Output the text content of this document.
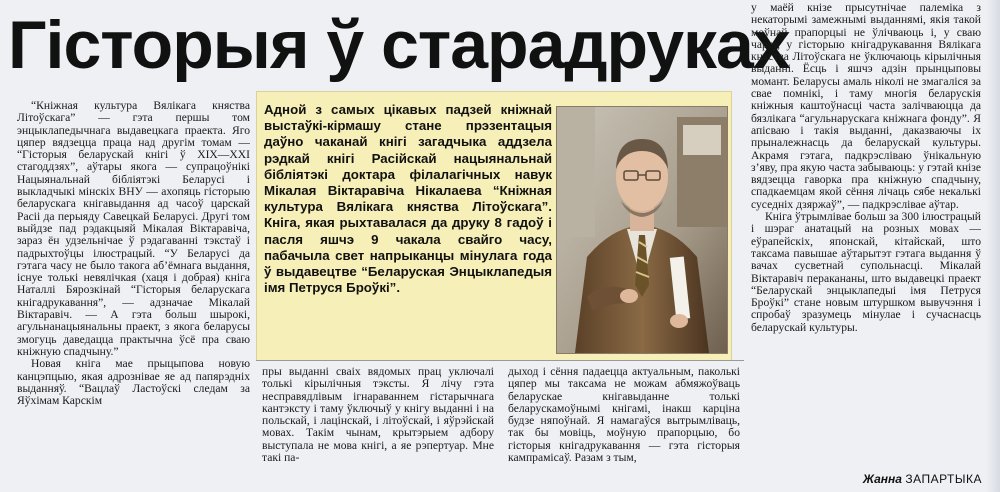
Гісторыя ў старадруках

“Кніжная культура Вялікага княства Літоўскага” — гэта першы том энцыклапедычнага выдавецкага праекта. Яго цяпер вядзецца праца над другім томам — “Гісторыя беларускай кнігі ў XIX—XXI стагоддзях”, аўтары якога — супрацоўнікі Нацыянальнай бібліятэкі Беларусі і выкладчыкі мінскіх ВНУ — ахопяць гісторыю беларускага кнігавыдання ад часоў царскай Расіі да перыяду Савецкай Беларусі. Другі том выйдзе пад рэдакцыяй Мікалая Віктаравіча, зараз ён удзельнічае ў рэдагаванні тэкстаў і падрыхтоўцы ілюстрацый. “У Беларусі да гэтага часу не было такога аб’ёмнага выдання, існуе толькі невялічкая (хаця і добрая) кніга Наталлі Бярозкінай “Гісторыя беларускага кнігадрукавання”, — адзначае Мікалай Віктаравіч. — А гэта больш шырокі, агульнанацыянальны праект, з якога беларусы змогуць даведацца практычна ўсё пра сваю кніжную спадчыну.”

Новая кніга мае прыцыпова новую канцэпцыю, якая адрозніваe яе ад папярэдніх выданняў. “Вацлаў Ластоўскі следам за Яўхімам Карскім

Адной з самых цікавых падзей кніжнай выстаўкі-кірмашу стане прэзентацыя даўно чаканай кнігі загадчыка аддзела рэдкай кнігі Расійскай нацыянальнай бібліятэкі доктара філалагічных навук Мікалая Віктаравіча Нікалаева “Кніжная культура Вялікага княства Літоўскага”. Кніга, якая рыхтавалася да друку 8 гадоў і пасля яшчэ 9 чакала свайго часу, пабачыла свет напрыканцы мінулага года ў выдавецтве “Беларуская Энцыклапедыя імя Петруся Броўкі”.

пры выданні сваіх вядомых прац уключалі толькі кірылічныя тэксты. Я лічу гэта несправядлівым ігнараваннем гістарычнага кантэксту і таму ўключыў у кнігу выданні і на польскай, і лацінскай, і літоўскай, і яўрэйскай мовах. Такім чынам, крытэрыем адбору выступала не мова кнігі, а яе рэпертуар. Мне такі па-

дыход і сёння падаецца актуальным, паколькі цяпер мы таксама не можам абмяжоўваць беларускае кнігавыданне толькі беларускамоўнымі кнігамі, інакш карціна будзе няпоўнай. Я намагаўся вытрымліваць, так бы мовіць, моўную прапорцыю, бо гісторыя кнігадрукавання — гэта гісторыя кампрамісаў. Разам з тым,

у маёй кнізе прысутнічае палеміка з некаторымі замежнымі выданнямі, якія такой моўнай прапорцыі не ўлічваюць і, у сваю чаргу, у гісторыю кнігадрукавання Вялікага княства Літоўскага не ўключаюць кірылічныя выданні. Ёсць і яшчэ адзін прынцыповы момант. Беларусы амаль ніколі не змагаліся за свае помнікі, і таму многія беларускія кніжныя каштоўнасці часта залічваюцца да бязлікага “агульнарускага кніжнага фонду”. Я апісваю і такія выданні, даказваючы іх прыналежнасць да беларускай культуры. Акрамя гэтага, падкрэсліваю ўнікальную з’яву, пра якую часта забываюць: у гэтай кнізе вядзецца гаворка пра кніжную спадчыну, спадкаемцам якой сёння лічаць сябе некалькі суседніх дзяржаў”, — падкрэсліваe аўтар.

Кніга ўтрымлівае больш за 300 ілюстрацый і шэраг анатацый на розных мовах — еўрапейскіх, японскай, кітайскай, што таксама павышае аўтарытэт гэтага выдання ў вачах сусветнай супольнасці. Мікалай Віктаравіч перакананы, што выдавецкі праект “Беларускай энцыклапедыі імя Петруся Броўкі” стане новым штуршком вывучэння і спробаў зразумець мінулае і сучаснасць беларускай культуры.

Жанна ЗАПАРТЫКА
